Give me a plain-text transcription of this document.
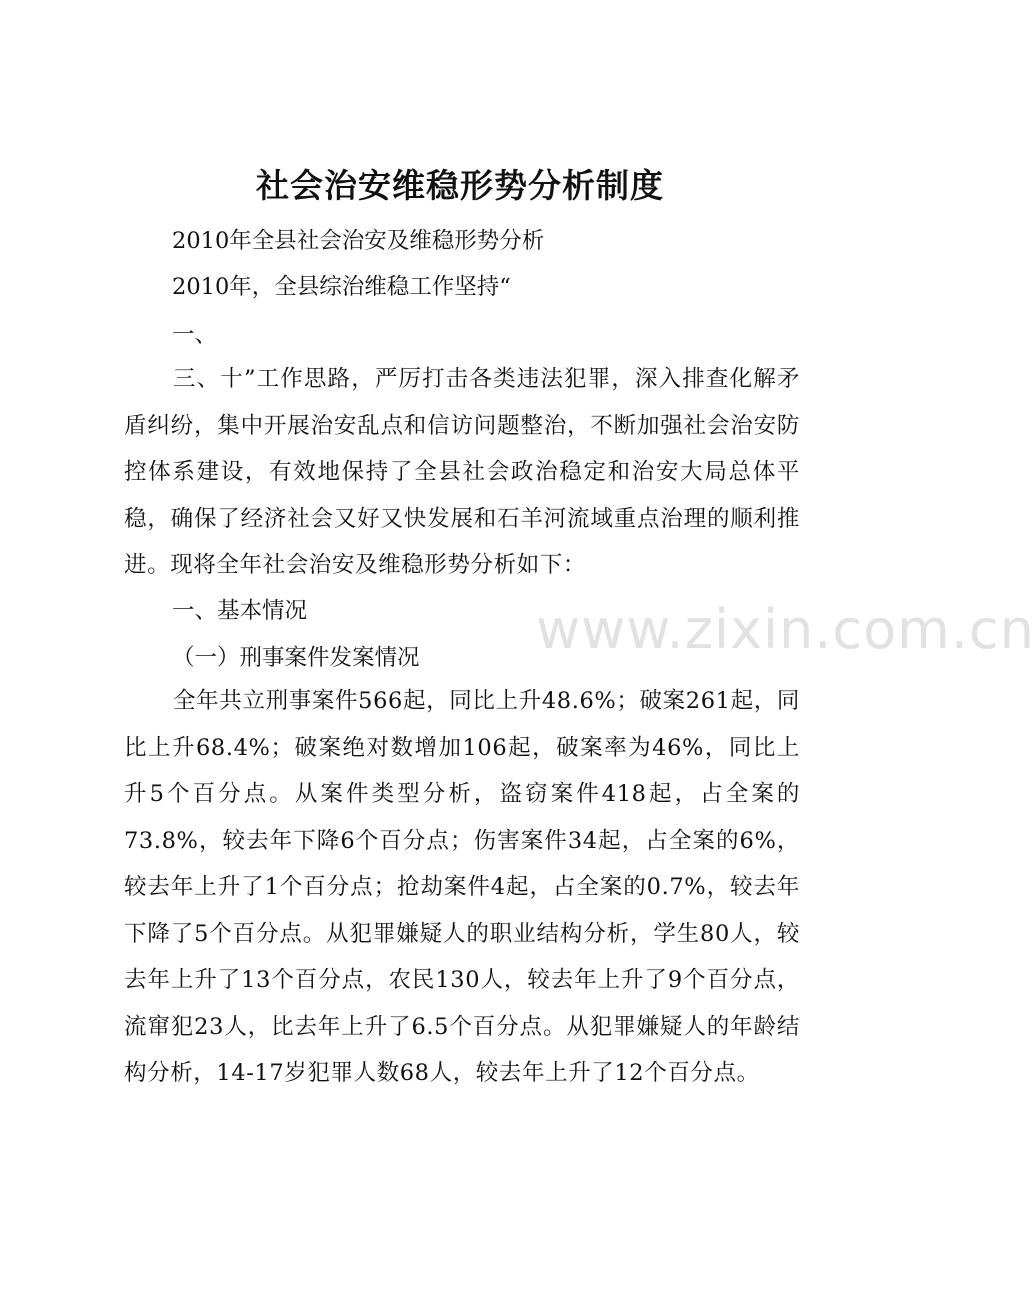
社会治安维稳形势分析制度
2010年全县社会治安及维稳形势分析
2010年，全县综治维稳工作坚持“
一、
三、十”工作思路，严厉打击各类违法犯罪，深入排查化解矛盾纠纷，集中开展治安乱点和信访问题整治，不断加强社会治安防控体系建设，有效地保持了全县社会政治稳定和治安大局总体平稳，确保了经济社会又好又快发展和石羊河流域重点治理的顺利推进。现将全年社会治安及维稳形势分析如下：
一、基本情况
（一）刑事案件发案情况
全年共立刑事案件566起，同比上升48.6%；破案261起，同比上升68.4%；破案绝对数增加106起，破案率为46%，同比上升5个百分点。从案件类型分析，盗窃案件418起，占全案的73.8%，较去年下降6个百分点；伤害案件34起，占全案的6%，较去年上升了1个百分点；抢劫案件4起，占全案的0.7%，较去年下降了5个百分点。从犯罪嫌疑人的职业结构分析，学生80人，较去年上升了13个百分点，农民130人，较去年上升了9个百分点，流窜犯23人，比去年上升了6.5个百分点。从犯罪嫌疑人的年龄结构分析，14-17岁犯罪人数68人，较去年上升了12个百分点。
www.zixin.com.cn
